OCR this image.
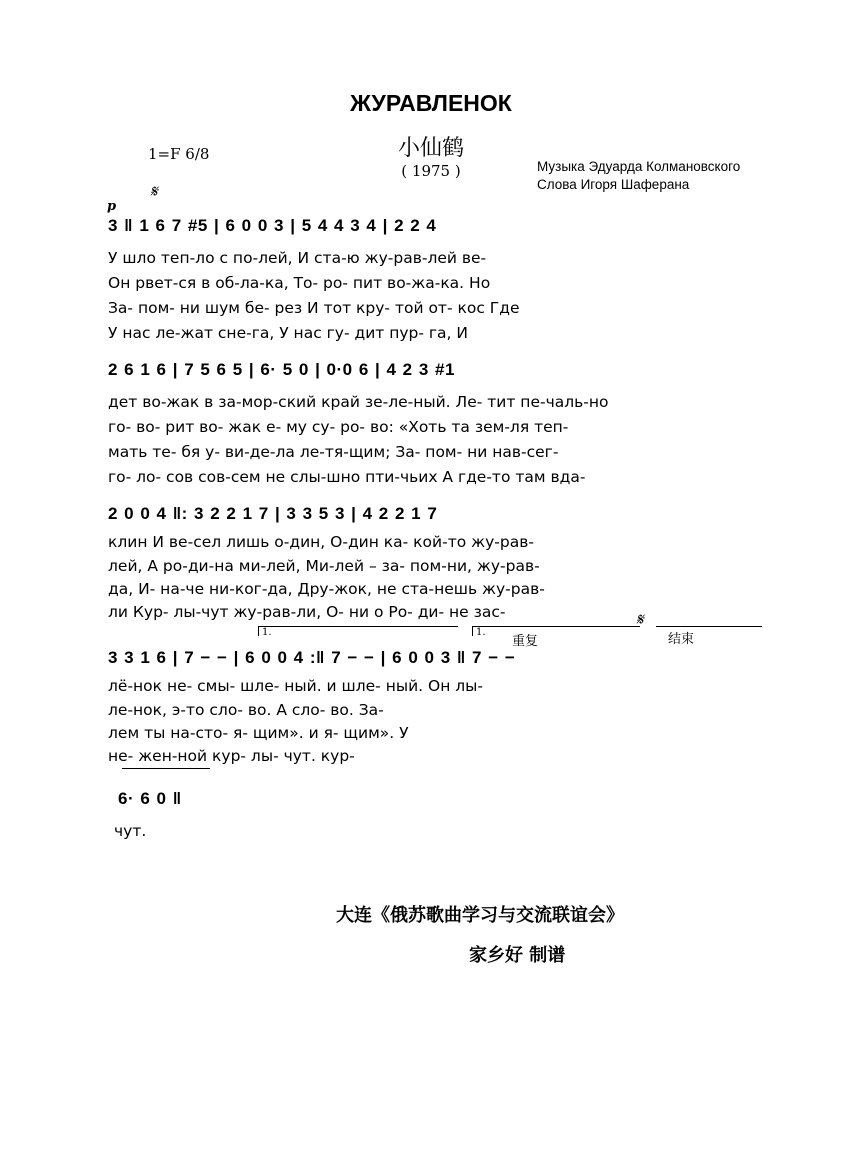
ЖУРАВЛЕНОК
小仙鹤
( 1975 )
1=F 6/8
Музыка Эдуарда Колмановского
Слова Игоря Шаферана
p
𝄋
3 ‖ 1 6 7 #5 | 6 0 0 3 | 5 4 4 3 4 | 2 2 4
У шло теп-ло с по-лей, И ста-ю жу-рав-лей ве-
Он рвет-ся в об-ла-ка, То- ро- пит во-жа-ка. Но
За- пом- ни шум бе- рез И тот кру- той от- кос Где
У нас ле-жат сне-га, У нас гу- дит пур- га, И
2 6 1 6 | 7 5 6 5 | 6· 5 0 | 0·0 6 | 4 2 3 #1
дет во-жак в за-мор-ский край зе-ле-ный. Ле- тит пе-чаль-но
го- во- рит во- жак е- му су- ро- во: «Хоть та зем-ля теп-
мать те- бя у- ви-де-ла ле-тя-щим; За- пом- ни нав-сег-
го- ло- сов сов-сем не слы-шно пти-чьих А где-то там вда-
2 0 0 4 ‖: 3 2 2 1 7 | 3 3 5 3 | 4 2 2 1 7
клин И ве-сел лишь о-дин, О-дин ка- кой-то жу-рав-
лей, А ро-ди-на ми-лей, Ми-лей – за- пом-ни, жу-рав-
да, И- на-че ни-ког-да, Дру-жок, не ста-нешь жу-рав-
ли Кур- лы-чут жу-рав-ли, О- ни о Ро- ди- не зас-
1.	1.
重复
𝄋
结束
3 3 1 6 | 7 − − | 6 0 0 4 :‖ 7 − − | 6 0 0 3 ‖ 7 − −
лё-нок не- смы- шле- ный. и шле- ный. Он лы-
ле-нок, э-то сло- во. А сло- во. За-
лем ты на-сто- я- щим». и я- щим». У
не- жен-ной кур- лы- чут. кур-
6· 6 0 ‖
чут.
大连《俄苏歌曲学习与交流联谊会》
家乡好 制谱
